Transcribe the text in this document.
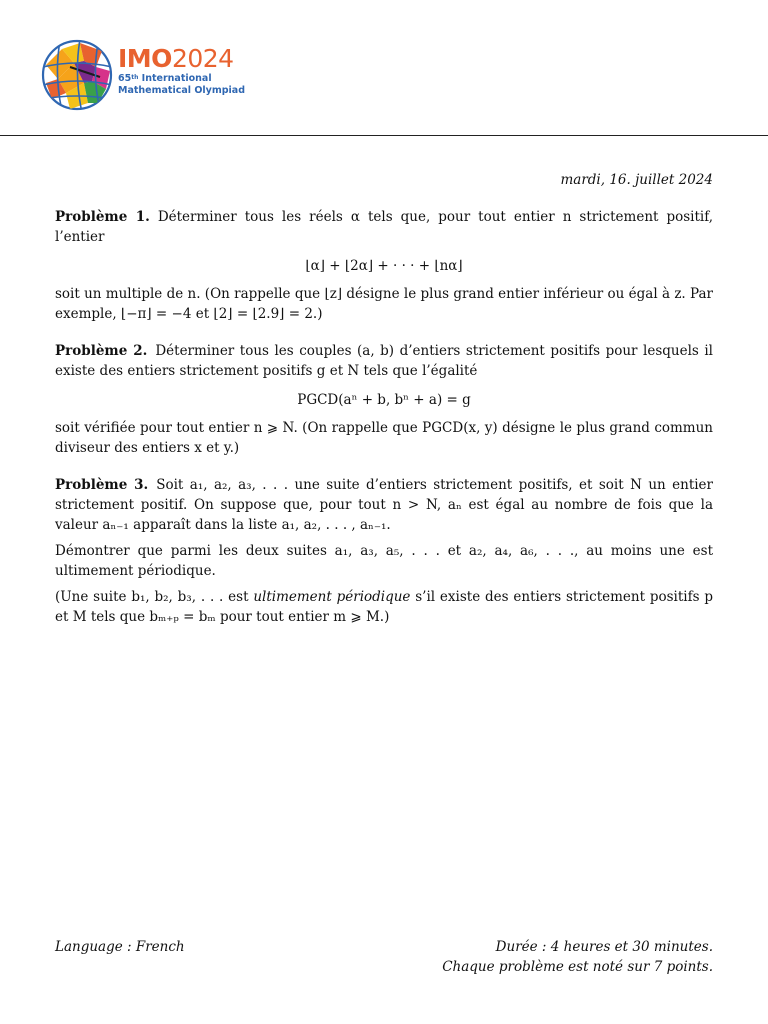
IMO2024
65th International
Mathematical Olympiad
mardi, 16. juillet 2024

Problème 1. Déterminer tous les réels α tels que, pour tout entier n strictement positif, l’entier

⌊α⌋ + ⌊2α⌋ + · · · + ⌊nα⌋

soit un multiple de n. (On rappelle que ⌊z⌋ désigne le plus grand entier inférieur ou égal à z. Par exemple, ⌊−π⌋ = −4 et ⌊2⌋ = ⌊2.9⌋ = 2.)

Problème 2. Déterminer tous les couples (a, b) d’entiers strictement positifs pour lesquels il existe des entiers strictement positifs g et N tels que l’égalité

PGCD(aⁿ + b, bⁿ + a) = g

soit vérifiée pour tout entier n ⩾ N. (On rappelle que PGCD(x, y) désigne le plus grand commun diviseur des entiers x et y.)

Problème 3. Soit a₁, a₂, a₃, . . . une suite d’entiers strictement positifs, et soit N un entier strictement positif. On suppose que, pour tout n > N, aₙ est égal au nombre de fois que la valeur aₙ₋₁ apparaît dans la liste a₁, a₂, . . . , aₙ₋₁.

Démontrer que parmi les deux suites a₁, a₃, a₅, . . . et a₂, a₄, a₆, . . ., au moins une est ultimement périodique.

(Une suite b₁, b₂, b₃, . . . est ultimement périodique s’il existe des entiers strictement positifs p et M tels que bₘ₊ₚ = bₘ pour tout entier m ⩾ M.)

Language : French	Durée : 4 heures et 30 minutes.
Chaque problème est noté sur 7 points.
